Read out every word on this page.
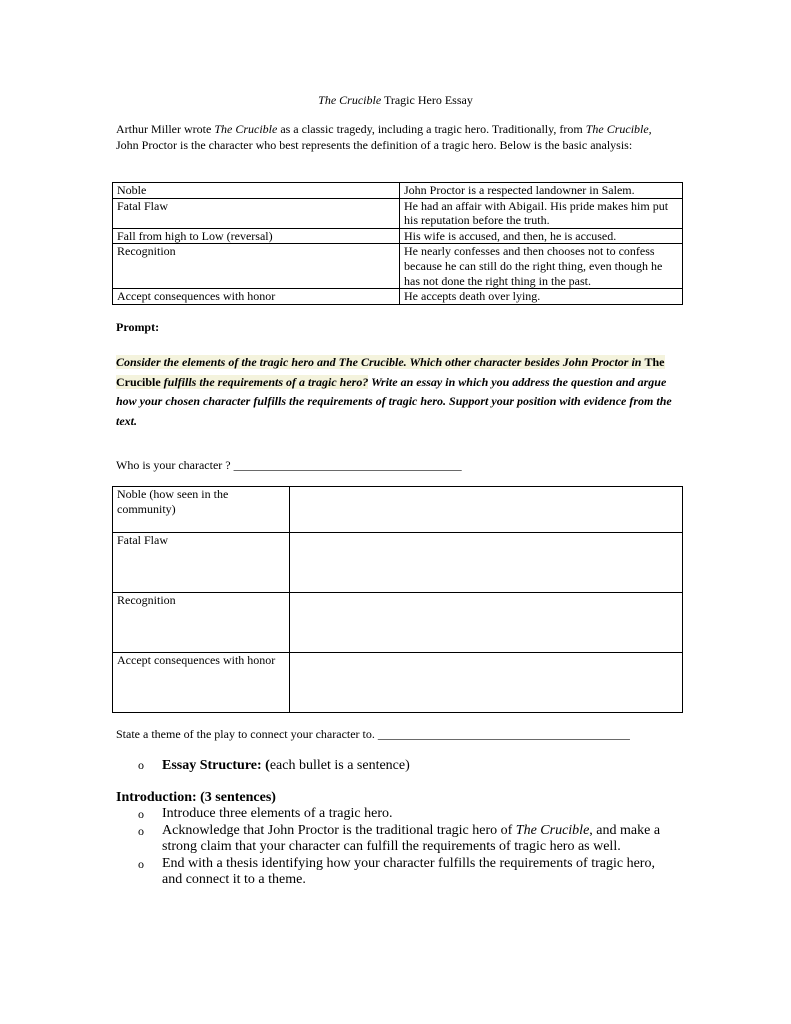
The Crucible Tragic Hero Essay
Arthur Miller wrote The Crucible as a classic tragedy, including a tragic hero. Traditionally, from The Crucible, John Proctor is the character who best represents the definition of a tragic hero. Below is the basic analysis:
Noble	John Proctor is a respected landowner in Salem.
Fatal Flaw	He had an affair with Abigail. His pride makes him put his reputation before the truth.
Fall from high to Low (reversal)	His wife is accused, and then, he is accused.
Recognition	He nearly confesses and then chooses not to confess because he can still do the right thing, even though he has not done the right thing in the past.
Accept consequences with honor	He accepts death over lying.
Prompt:
Consider the elements of the tragic hero and The Crucible. Which other character besides John Proctor in The Crucible fulfills the requirements of a tragic hero? Write an essay in which you address the question and argue how your chosen character fulfills the requirements of tragic hero. Support your position with evidence from the text.
Who is your character ? ______________________________________
Noble (how seen in the community)	
Fatal Flaw	
Recognition	
Accept consequences with honor	
State a theme of the play to connect your character to. __________________________________________
o Essay Structure: (each bullet is a sentence)
Introduction: (3 sentences)
o	Introduce three elements of a tragic hero.
o	Acknowledge that John Proctor is the traditional tragic hero of The Crucible, and make a strong claim that your character can fulfill the requirements of tragic hero as well.
o	End with a thesis identifying how your character fulfills the requirements of tragic hero, and connect it to a theme.
